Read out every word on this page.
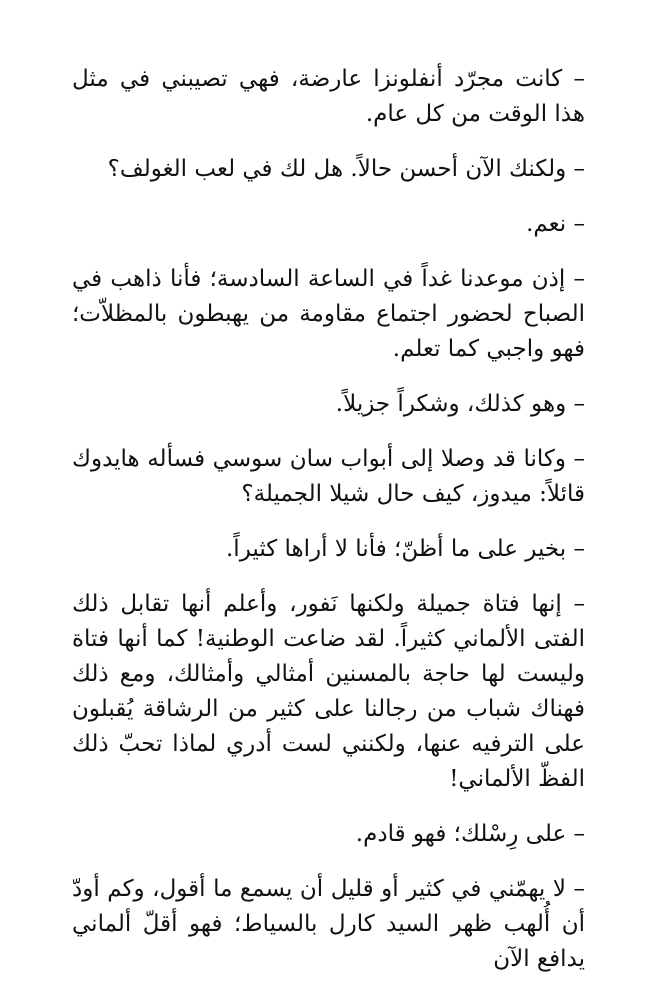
– كانت مجرّد أنفلونزا عارضة، فهي تصيبني في مثل هذا الوقت من كل عام.

– ولكنك الآن أحسن حالاً. هل لك في لعب الغولف؟

– نعم.

– إذن موعدنا غداً في الساعة السادسة؛ فأنا ذاهب في الصباح لحضور اجتماع مقاومة من يهبطون بالمظلاّت؛ فهو واجبي كما تعلم.

– وهو كذلك، وشكراً جزيلاً.

– وكانا قد وصلا إلى أبواب سان سوسي فسأله هايدوك قائلاً: ميدوز، كيف حال شيلا الجميلة؟

– بخير على ما أظنّ؛ فأنا لا أراها كثيراً.

– إنها فتاة جميلة ولكنها نَفور، وأعلم أنها تقابل ذلك الفتى الألماني كثيراً. لقد ضاعت الوطنية! كما أنها فتاة وليست لها حاجة بالمسنين أمثالي وأمثالك، ومع ذلك فهناك شباب من رجالنا على كثير من الرشاقة يُقبلون على الترفيه عنها، ولكنني لست أدري لماذا تحبّ ذلك الفظّ الألماني!

– على رِسْلك؛ فهو قادم.

– لا يهمّني في كثير أو قليل أن يسمع ما أقول، وكم أودّ أن أُلهب ظهر السيد كارل بالسياط؛ فهو أقلّ ألماني يدافع الآن
